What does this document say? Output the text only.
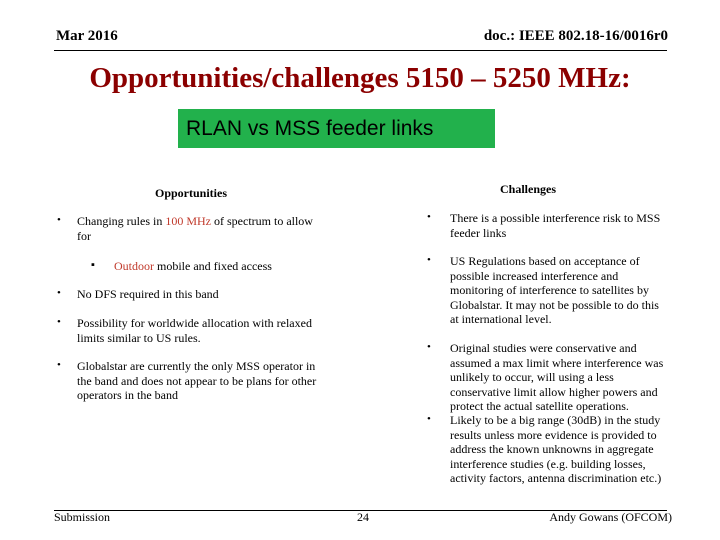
Mar 2016	doc.: IEEE 802.18-16/0016r0
Opportunities/challenges 5150 – 5250 MHz:
RLAN vs MSS feeder links
Opportunities
• Changing rules in 100 MHz of spectrum to allow
for
▪ Outdoor mobile and fixed access
• No DFS required in this band
• Possibility for worldwide allocation with relaxed
limits similar to US rules.
• Globalstar are currently the only MSS operator in
the band and does not appear to be plans for other
operators in the band
Challenges
• There is a possible interference risk to MSS
feeder links
• US Regulations based on acceptance of
possible increased interference and
monitoring of interference to satellites by
Globalstar. It may not be possible to do this
at international level.
• Original studies were conservative and
assumed a max limit where interference was
unlikely to occur, will using a less
conservative limit allow higher powers and
protect the actual satellite operations.
• Likely to be a big range (30dB) in the study
results unless more evidence is provided to
address the known unknowns in aggregate
interference studies (e.g. building losses,
activity factors, antenna discrimination etc.)
Submission	24	Andy Gowans (OFCOM)
